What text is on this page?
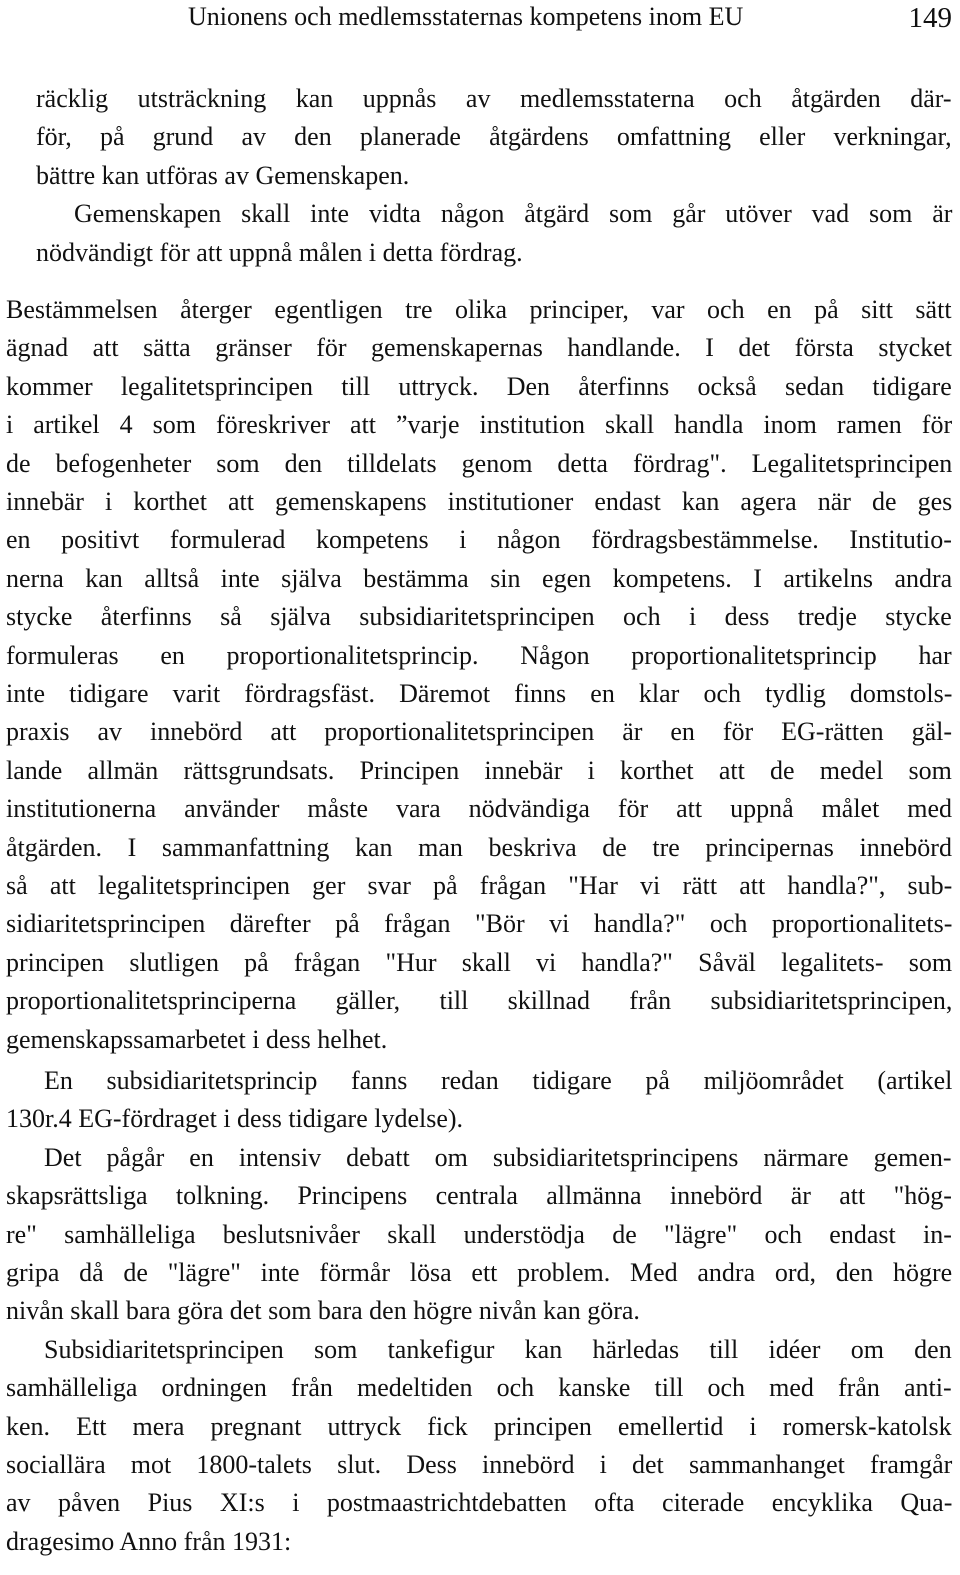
Unionens och medlemsstaternas kompetens inom EU	149
räcklig utsträckning kan uppnås av medlemsstaterna och åtgärden där-
för, på grund av den planerade åtgärdens omfattning eller verkningar,
bättre kan utföras av Gemenskapen.
Gemenskapen skall inte vidta någon åtgärd som går utöver vad som är
nödvändigt för att uppnå målen i detta fördrag.
Bestämmelsen återger egentligen tre olika principer, var och en på sitt sätt
ägnad att sätta gränser för gemenskapernas handlande. I det första stycket
kommer legalitetsprincipen till uttryck. Den återfinns också sedan tidigare
i artikel 4 som föreskriver att ”varje institution skall handla inom ramen för
de befogenheter som den tilldelats genom detta fördrag". Legalitetsprincipen
innebär i korthet att gemenskapens institutioner endast kan agera när de ges
en positivt formulerad kompetens i någon fördragsbestämmelse. Institutio-
nerna kan alltså inte själva bestämma sin egen kompetens. I artikelns andra
stycke återfinns så själva subsidiaritetsprincipen och i dess tredje stycke
formuleras en proportionalitetsprincip. Någon proportionalitetsprincip har
inte tidigare varit fördragsfäst. Däremot finns en klar och tydlig domstols-
praxis av innebörd att proportionalitetsprincipen är en för EG-rätten gäl-
lande allmän rättsgrundsats. Principen innebär i korthet att de medel som
institutionerna använder måste vara nödvändiga för att uppnå målet med
åtgärden. I sammanfattning kan man beskriva de tre principernas innebörd
så att legalitetsprincipen ger svar på frågan "Har vi rätt att handla?", sub-
sidiaritetsprincipen därefter på frågan "Bör vi handla?" och proportionalitets-
principen slutligen på frågan "Hur skall vi handla?" Såväl legalitets- som
proportionalitetsprinciperna gäller, till skillnad från subsidiaritetsprincipen,
gemenskapssamarbetet i dess helhet.
En subsidiaritetsprincip fanns redan tidigare på miljöområdet (artikel
130r.4 EG-fördraget i dess tidigare lydelse).
Det pågår en intensiv debatt om subsidiaritetsprincipens närmare gemen-
skapsrättsliga tolkning. Principens centrala allmänna innebörd är att "hög-
re" samhälleliga beslutsnivåer skall understödja de "lägre" och endast in-
gripa då de "lägre" inte förmår lösa ett problem. Med andra ord, den högre
nivån skall bara göra det som bara den högre nivån kan göra.
Subsidiaritetsprincipen som tankefigur kan härledas till idéer om den
samhälleliga ordningen från medeltiden och kanske till och med från anti-
ken. Ett mera pregnant uttryck fick principen emellertid i romersk-katolsk
sociallära mot 1800-talets slut. Dess innebörd i det sammanhanget framgår
av påven Pius XI:s i postmaastrichtdebatten ofta citerade encyklika Qua-
dragesimo Anno från 1931:
